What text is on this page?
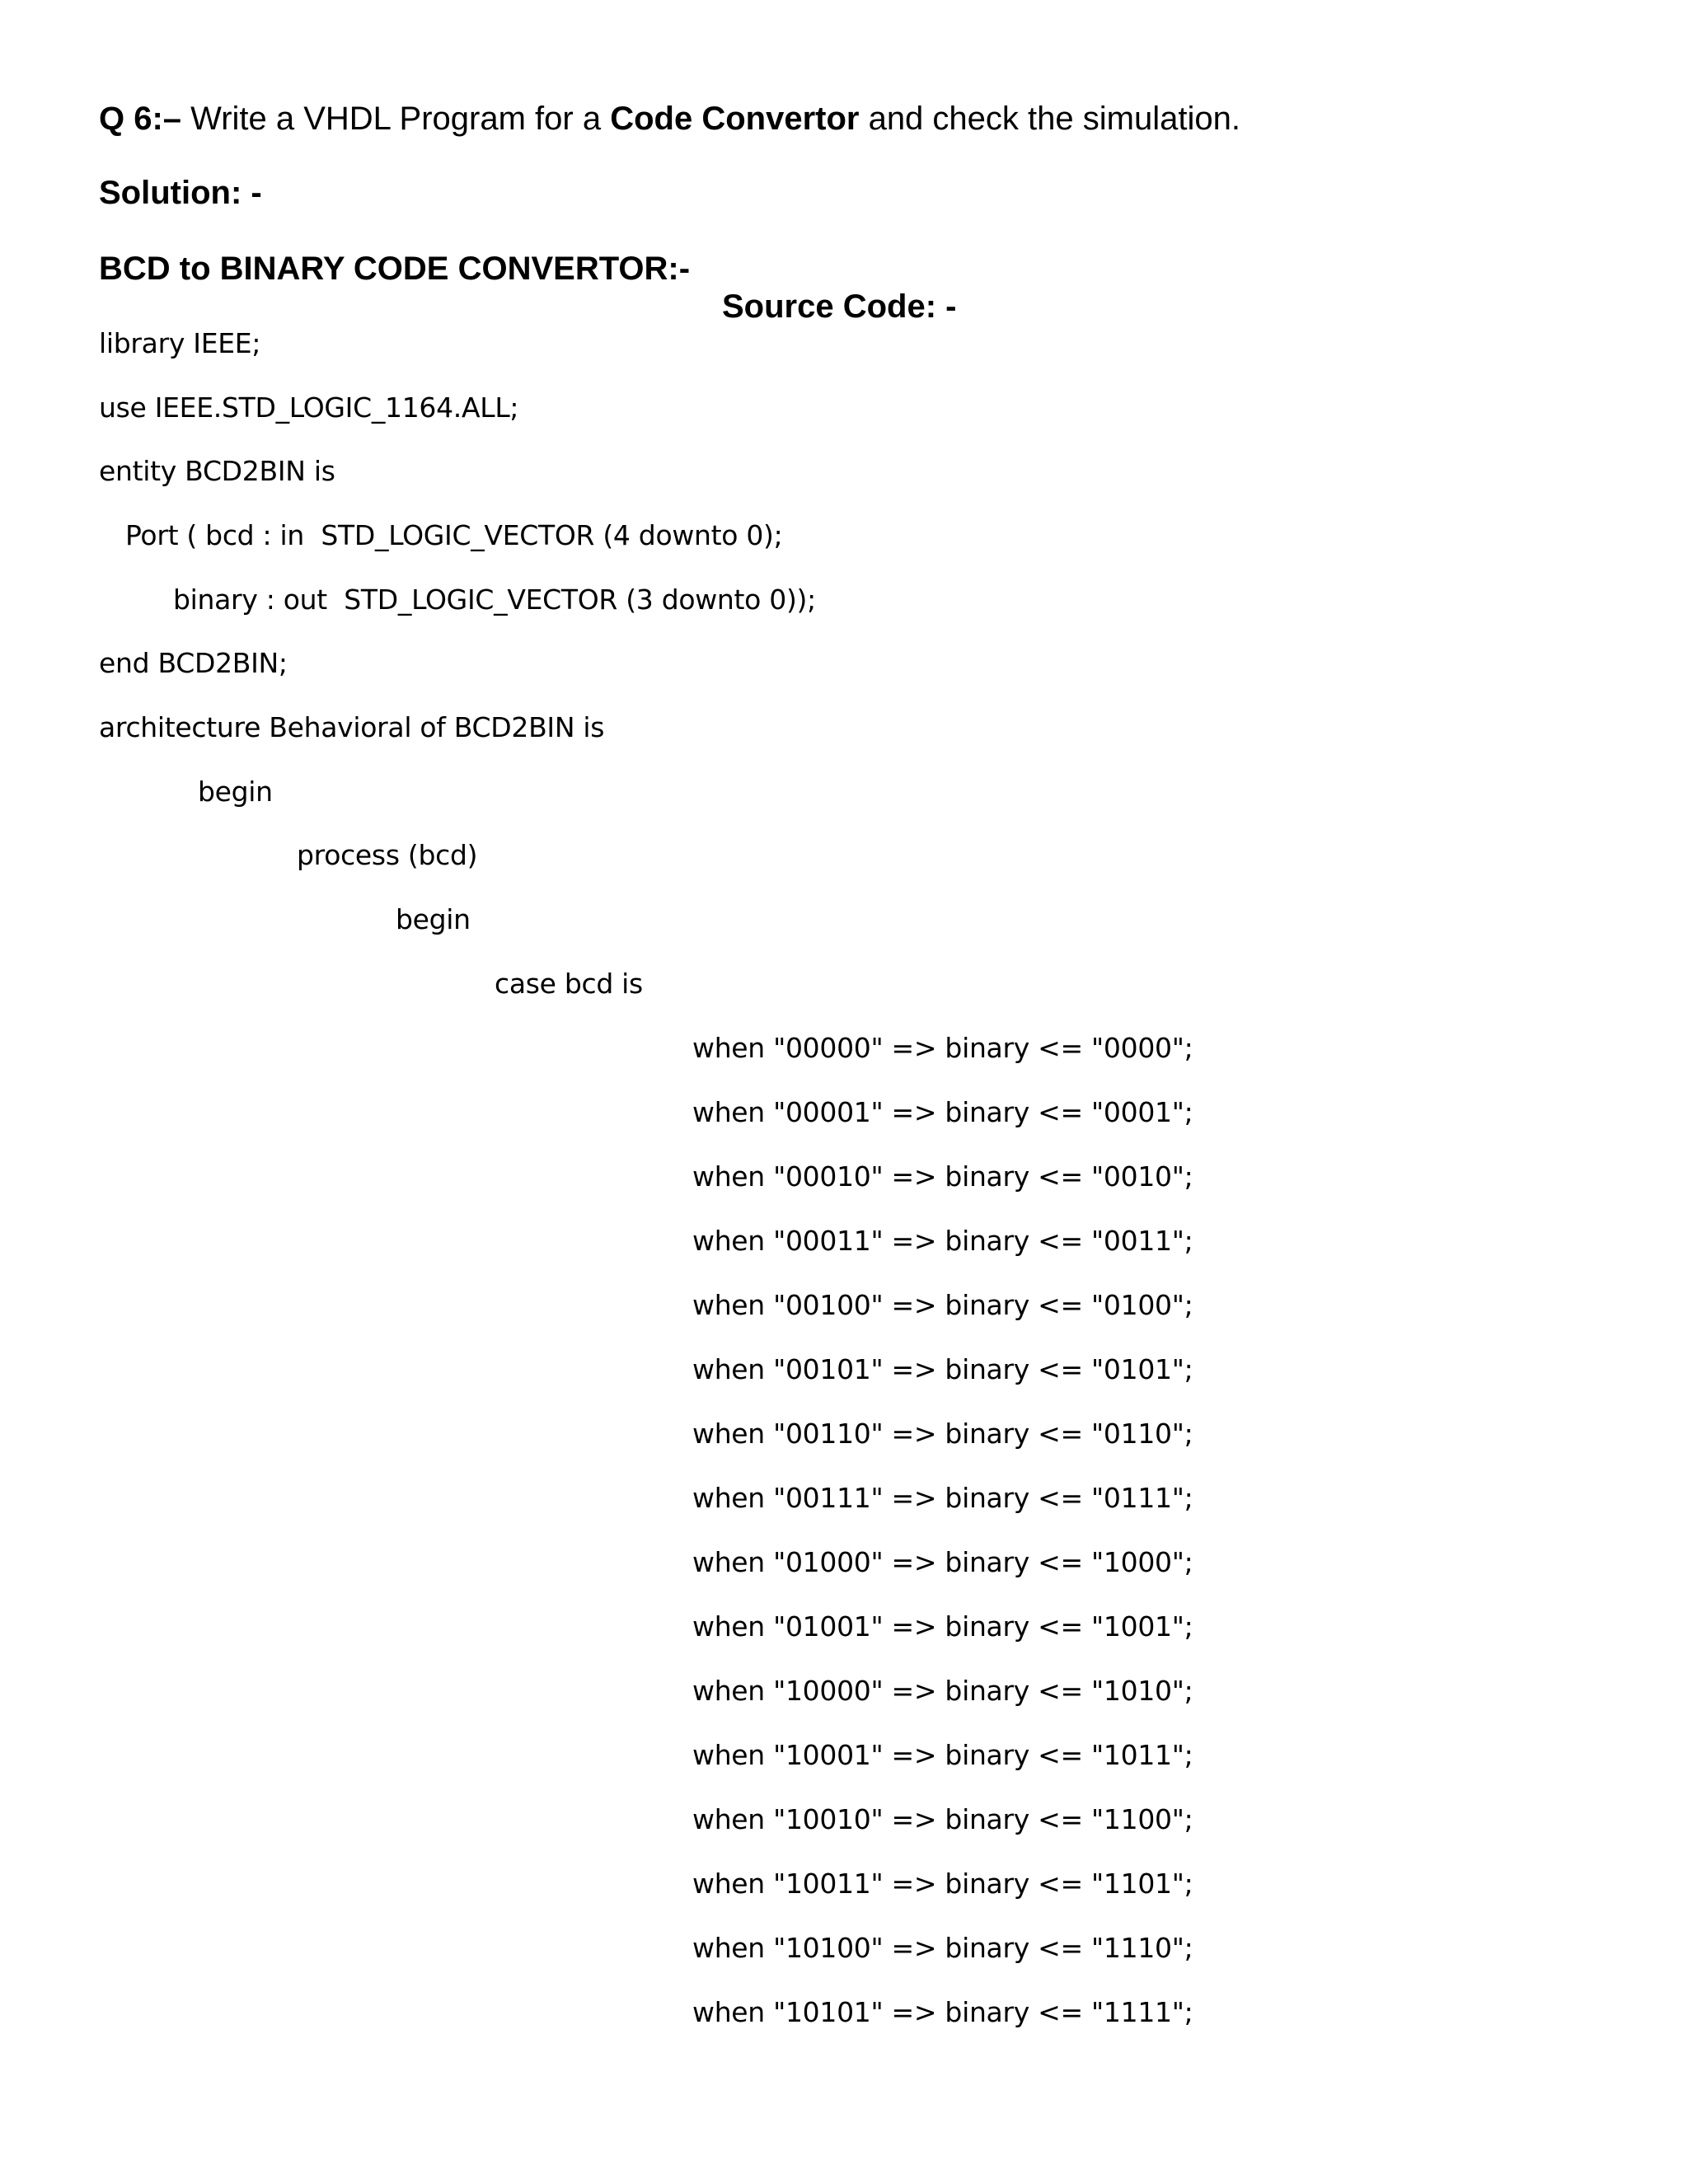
Q 6:– Write a VHDL Program for a Code Convertor and check the simulation.
Solution: -
BCD to BINARY CODE CONVERTOR:-
Source Code: -
library IEEE;
use IEEE.STD_LOGIC_1164.ALL;
entity BCD2BIN is
Port ( bcd : in  STD_LOGIC_VECTOR (4 downto 0);
binary : out  STD_LOGIC_VECTOR (3 downto 0));
end BCD2BIN;
architecture Behavioral of BCD2BIN is
begin
process (bcd)
begin
case bcd is
when "00000" => binary <= "0000";
when "00001" => binary <= "0001";
when "00010" => binary <= "0010";
when "00011" => binary <= "0011";
when "00100" => binary <= "0100";
when "00101" => binary <= "0101";
when "00110" => binary <= "0110";
when "00111" => binary <= "0111";
when "01000" => binary <= "1000";
when "01001" => binary <= "1001";
when "10000" => binary <= "1010";
when "10001" => binary <= "1011";
when "10010" => binary <= "1100";
when "10011" => binary <= "1101";
when "10100" => binary <= "1110";
when "10101" => binary <= "1111";
